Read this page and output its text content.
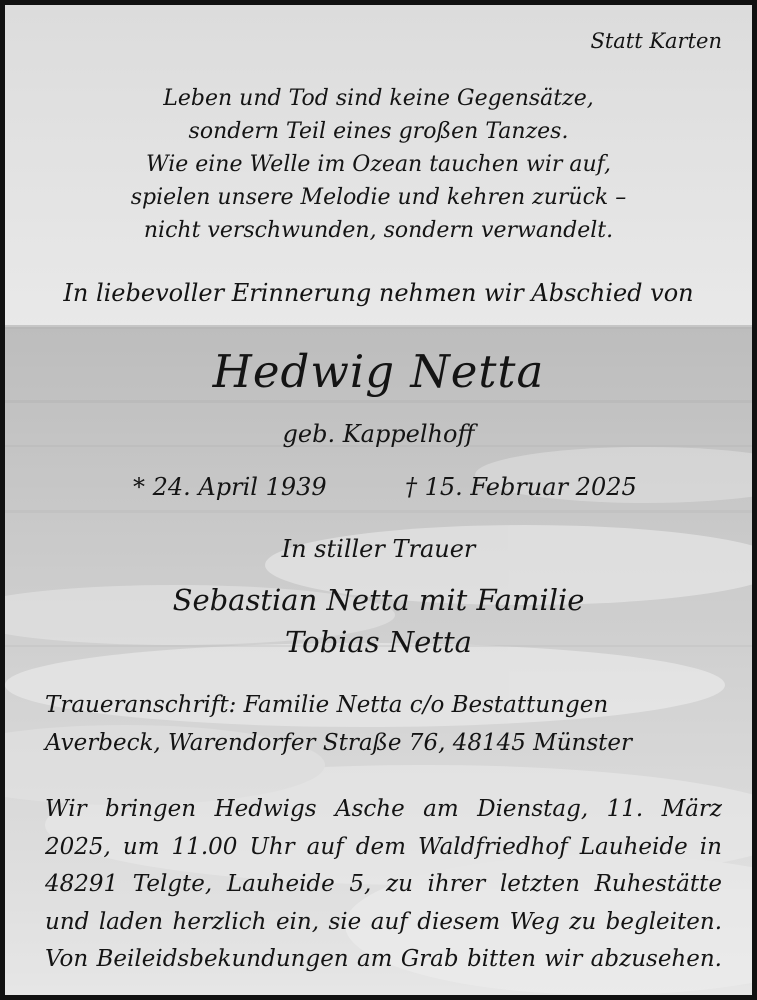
Statt Karten
Leben und Tod sind keine Gegensätze,
sondern Teil eines großen Tanzes.
Wie eine Welle im Ozean tauchen wir auf,
spielen unsere Melodie und kehren zurück –
nicht verschwunden, sondern verwandelt.
In liebevoller Erinnerung nehmen wir Abschied von
Hedwig Netta
geb. Kappelhoff
* 24. April 1939	† 15. Februar 2025
In stiller Trauer
Sebastian Netta mit Familie
Tobias Netta
Traueranschrift: Familie Netta c/o Bestattungen
Averbeck, Warendorfer Straße 76, 48145 Münster
Wir bringen Hedwigs Asche am Dienstag, 11. März
2025, um 11.00 Uhr auf dem Waldfriedhof Lauheide in
48291 Telgte, Lauheide 5, zu ihrer letzten Ruhestätte
und laden herzlich ein, sie auf diesem Weg zu begleiten.
Von Beileidsbekundungen am Grab bitten wir abzusehen.
